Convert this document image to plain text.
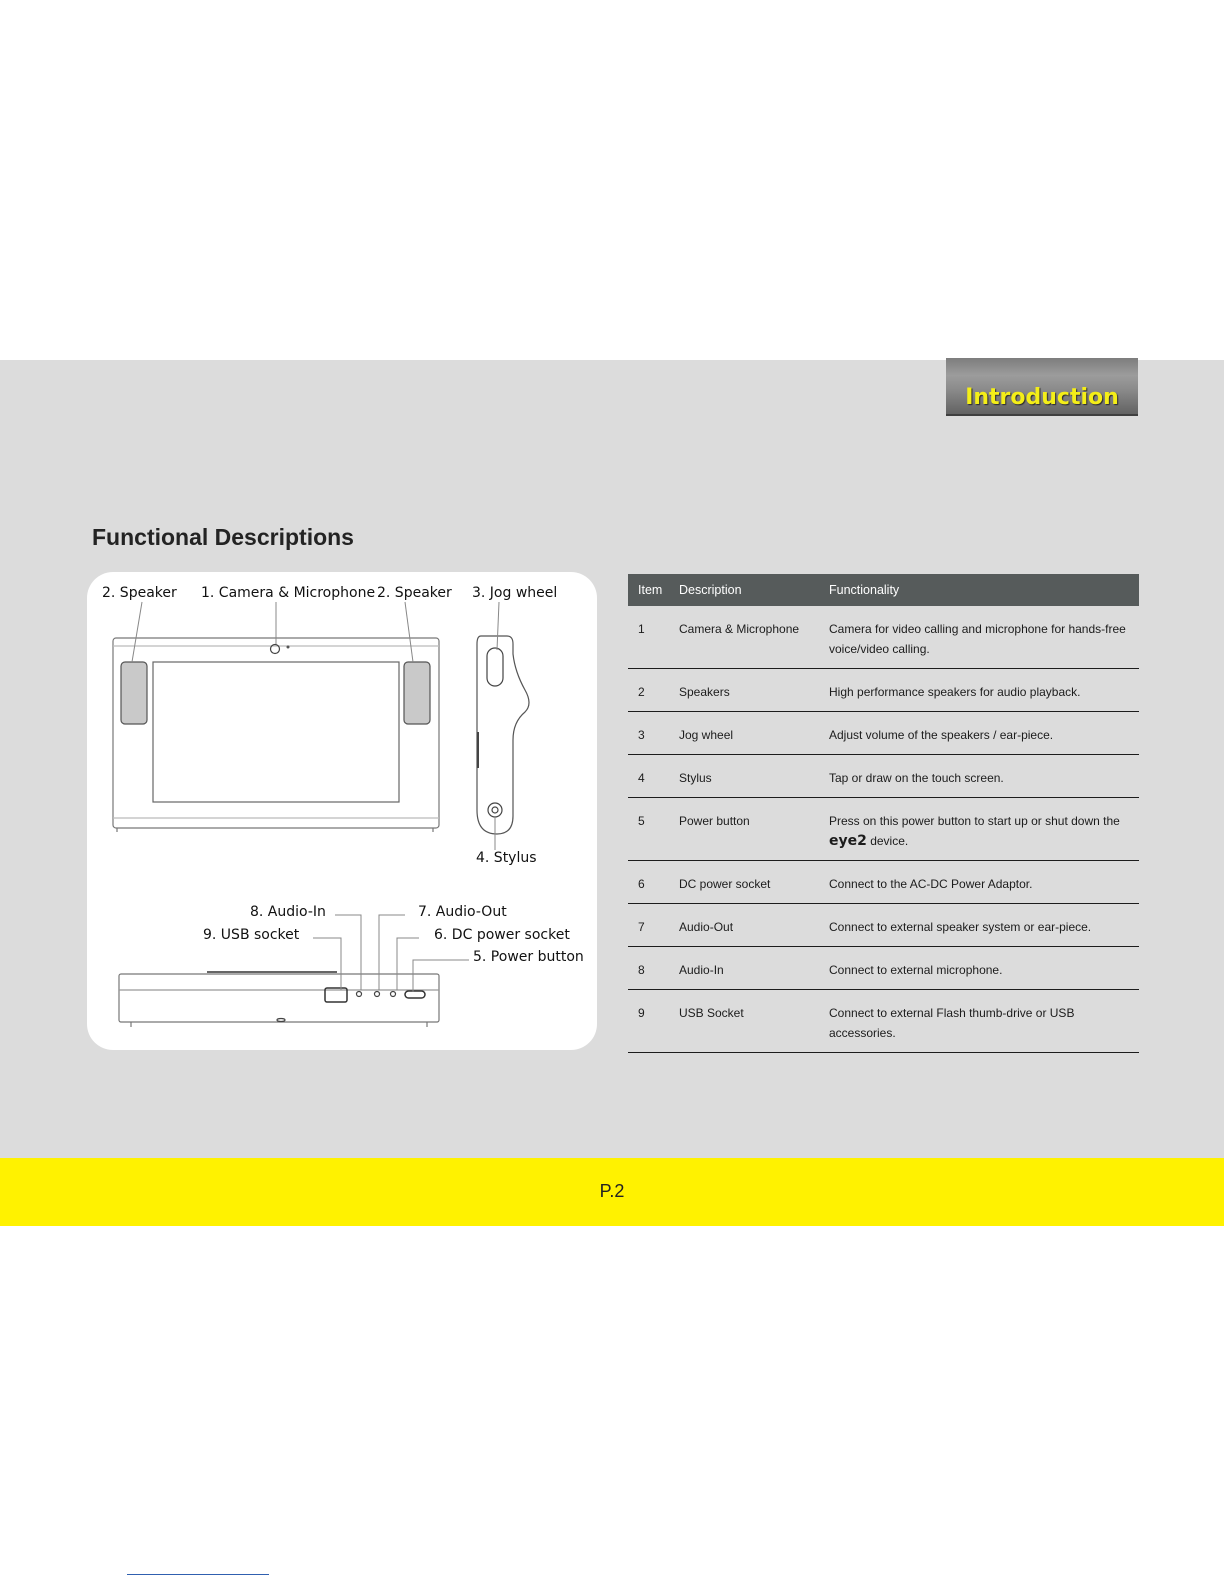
Introduction
Functional Descriptions
2. Speaker 1. Camera & Microphone 2. Speaker 3. Jog wheel
4. Stylus
8. Audio-In	7. Audio-Out
9. USB socket	6. DC power socket
5. Power button
Item	Description	Functionality
1	Camera & Microphone	Camera for video calling and microphone for hands-free voice/video calling.
2	Speakers	High performance speakers for audio playback.
3	Jog wheel	Adjust volume of the speakers / ear-piece.
4	Stylus	Tap or draw on the touch screen.
5	Power button	Press on this power button to start up or shut down the
eye2 device.
6	DC power socket	Connect to the AC-DC Power Adaptor.
7	Audio-Out	Connect to external speaker system or ear-piece.
8	Audio-In	Connect to external microphone.
9	USB Socket	Connect to external Flash thumb-drive or USB accessories.
P.2
